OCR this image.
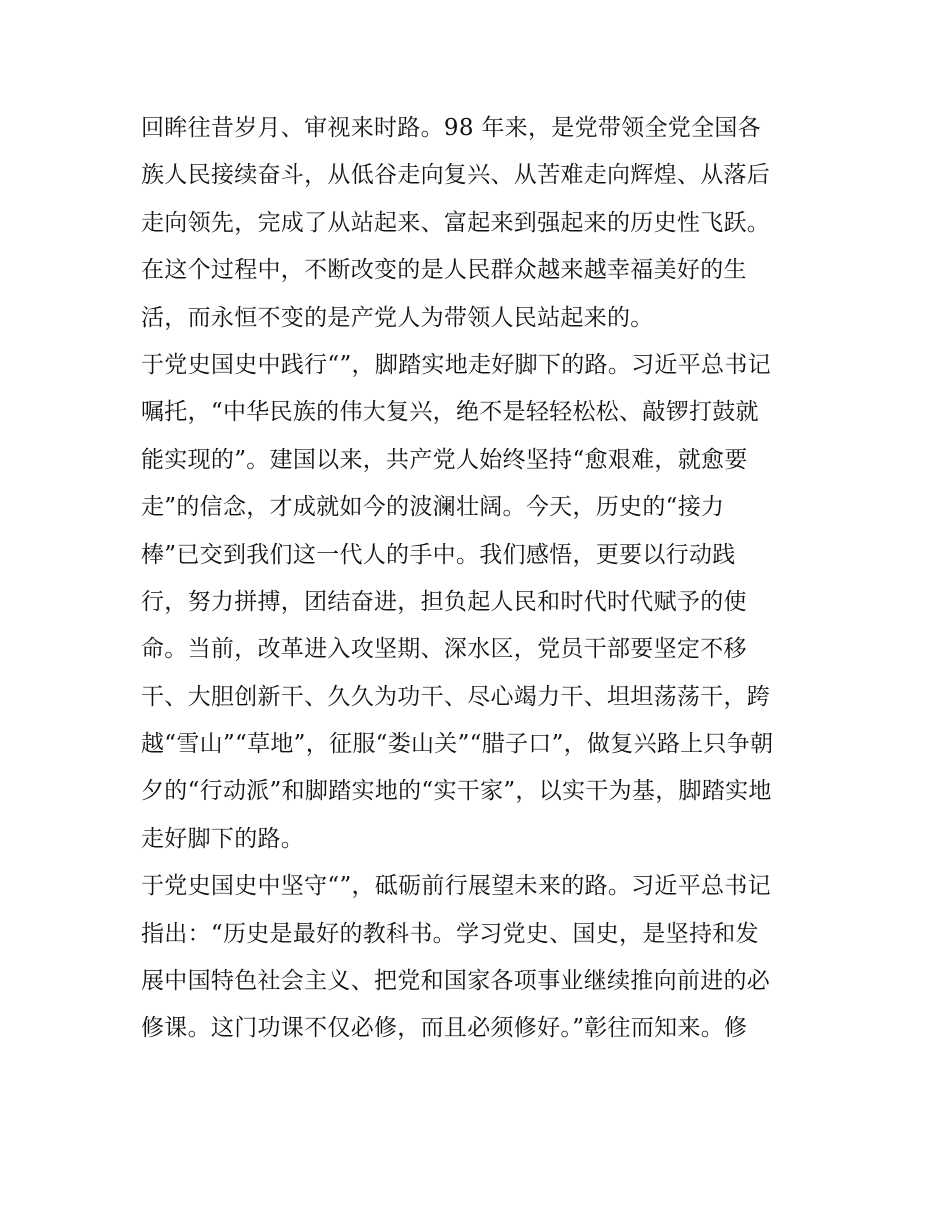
回眸往昔岁月、审视来时路。98 年来，是党带领全党全国各
族人民接续奋斗，从低谷走向复兴、从苦难走向辉煌、从落后
走向领先，完成了从站起来、富起来到强起来的历史性飞跃。
在这个过程中，不断改变的是人民群众越来越幸福美好的生
活，而永恒不变的是产党人为带领人民站起来的。
于党史国史中践行“”，脚踏实地走好脚下的路。习近平总书记
嘱托，“中华民族的伟大复兴，绝不是轻轻松松、敲锣打鼓就
能实现的”。建国以来，共产党人始终坚持“愈艰难，就愈要
走”的信念，才成就如今的波澜壮阔。今天，历史的“接力
棒”已交到我们这一代人的手中。我们感悟，更要以行动践
行，努力拼搏，团结奋进，担负起人民和时代时代赋予的使
命。当前，改革进入攻坚期、深水区，党员干部要坚定不移
干、大胆创新干、久久为功干、尽心竭力干、坦坦荡荡干，跨
越“雪山”“草地”，征服“娄山关”“腊子口”，做复兴路上只争朝
夕的“行动派”和脚踏实地的“实干家”，以实干为基，脚踏实地
走好脚下的路。
于党史国史中坚守“”，砥砺前行展望未来的路。习近平总书记
指出：“历史是最好的教科书。学习党史、国史，是坚持和发
展中国特色社会主义、把党和国家各项事业继续推向前进的必
修课。这门功课不仅必修，而且必须修好。”彰往而知来。修
